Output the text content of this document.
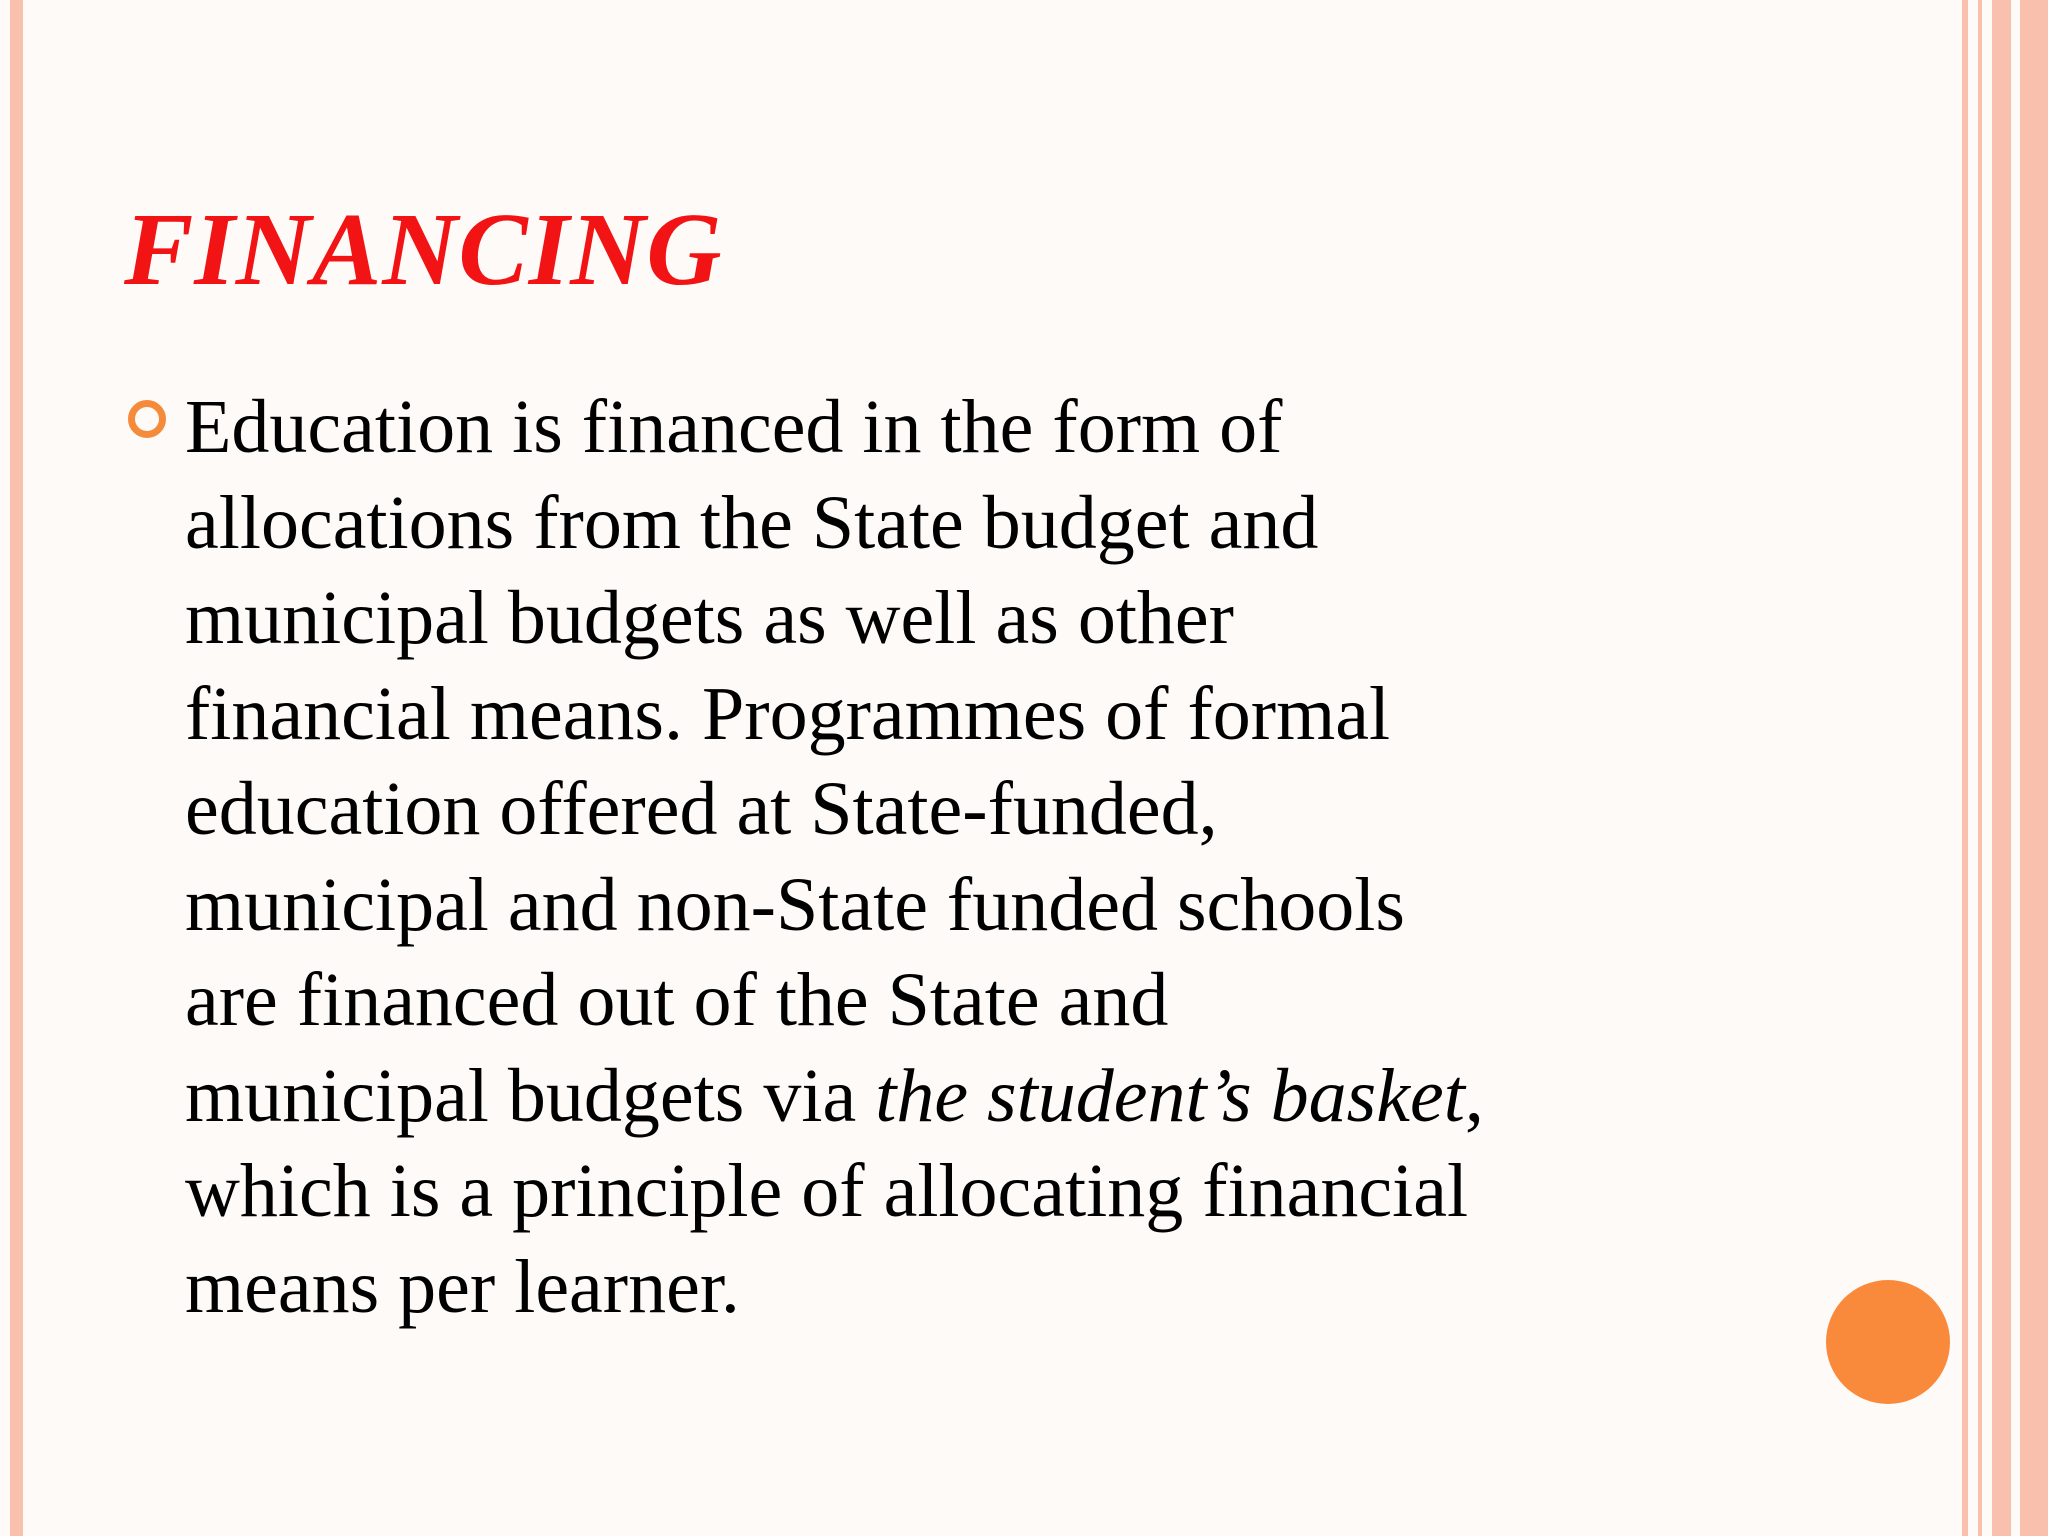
FINANCING

Education is financed in the form of
allocations from the State budget and
municipal budgets as well as other
financial means. Programmes of formal
education offered at State-funded,
municipal and non-State funded schools
are financed out of the State and
municipal budgets via the student’s basket,
which is a principle of allocating financial
means per learner.
